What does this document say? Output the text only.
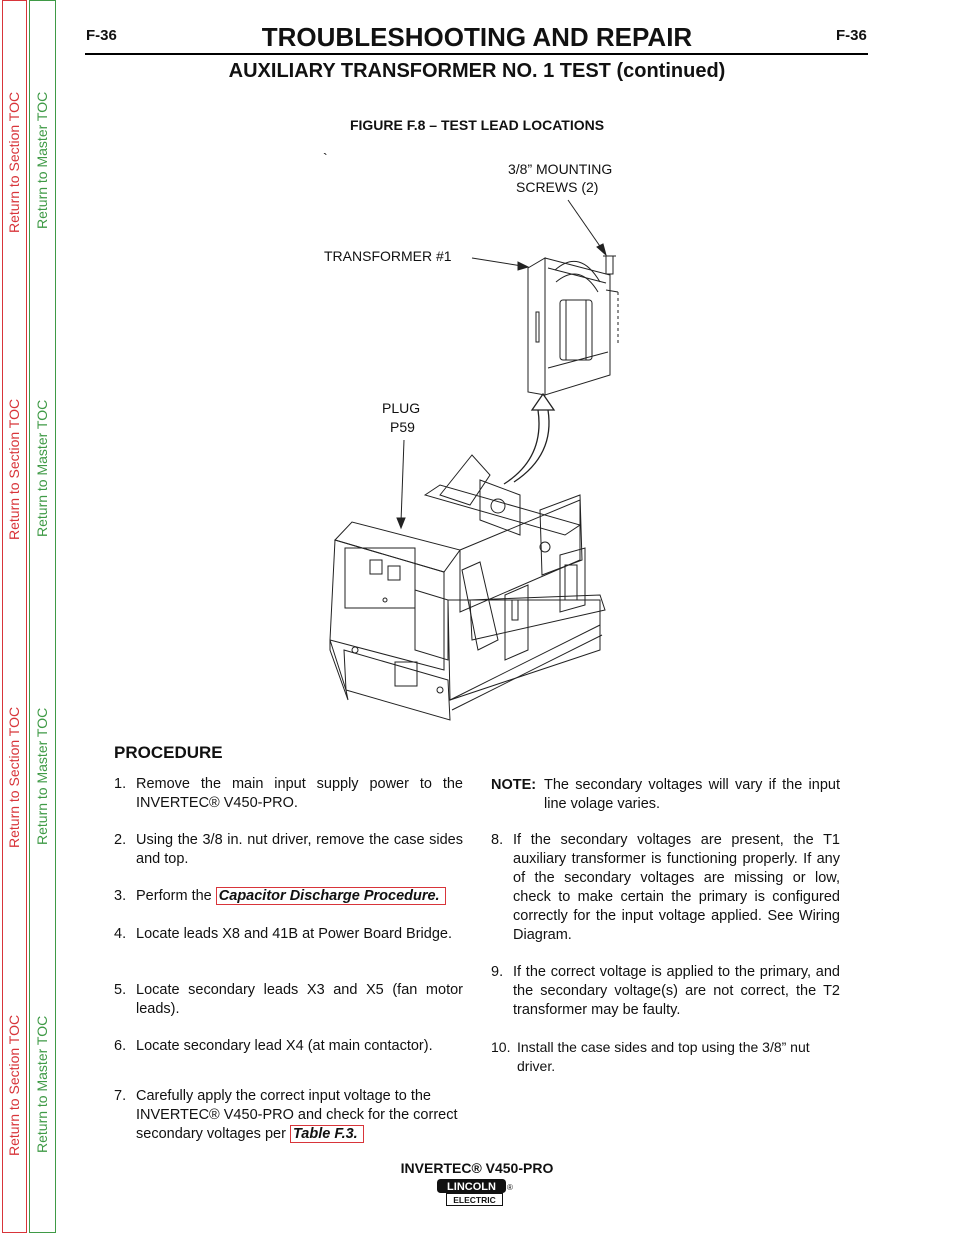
Return to Section TOC
Return to Section TOC
Return to Section TOC
Return to Section TOC
Return to Master TOC
Return to Master TOC
Return to Master TOC
Return to Master TOC
F-36	F-36
TROUBLESHOOTING AND REPAIR
AUXILIARY TRANSFORMER NO. 1 TEST (continued)
FIGURE F.8 – TEST LEAD LOCATIONS
`
3/8” MOUNTING
SCREWS (2)
TRANSFORMER #1
PLUG
P59
PROCEDURE
1. Remove the main input supply power to the INVERTEC® V450-PRO.
2. Using the 3/8 in. nut driver, remove the case sides and top.
3. Perform the Capacitor Discharge Procedure.
4. Locate leads X8 and 41B at Power Board Bridge.
5. Locate secondary leads X3 and X5 (fan motor leads).
6. Locate secondary lead X4 (at main contactor).
7. Carefully apply the correct input voltage to the INVERTEC® V450-PRO and check for the correct secondary voltages per Table F.3.
NOTE: The secondary voltages will vary if the input line volage varies.
8. If the secondary voltages are present, the T1 auxiliary transformer is functioning properly. If any of the secondary voltages are missing or low, check to make certain the primary is configured correctly for the input voltage applied. See Wiring Diagram.
9. If the correct voltage is applied to the primary, and the secondary voltage(s) are not correct, the T2 transformer may be faulty.
10. Install the case sides and top using the 3/8” nut driver.
INVERTEC® V450-PRO
LINCOLN
ELECTRIC
®
